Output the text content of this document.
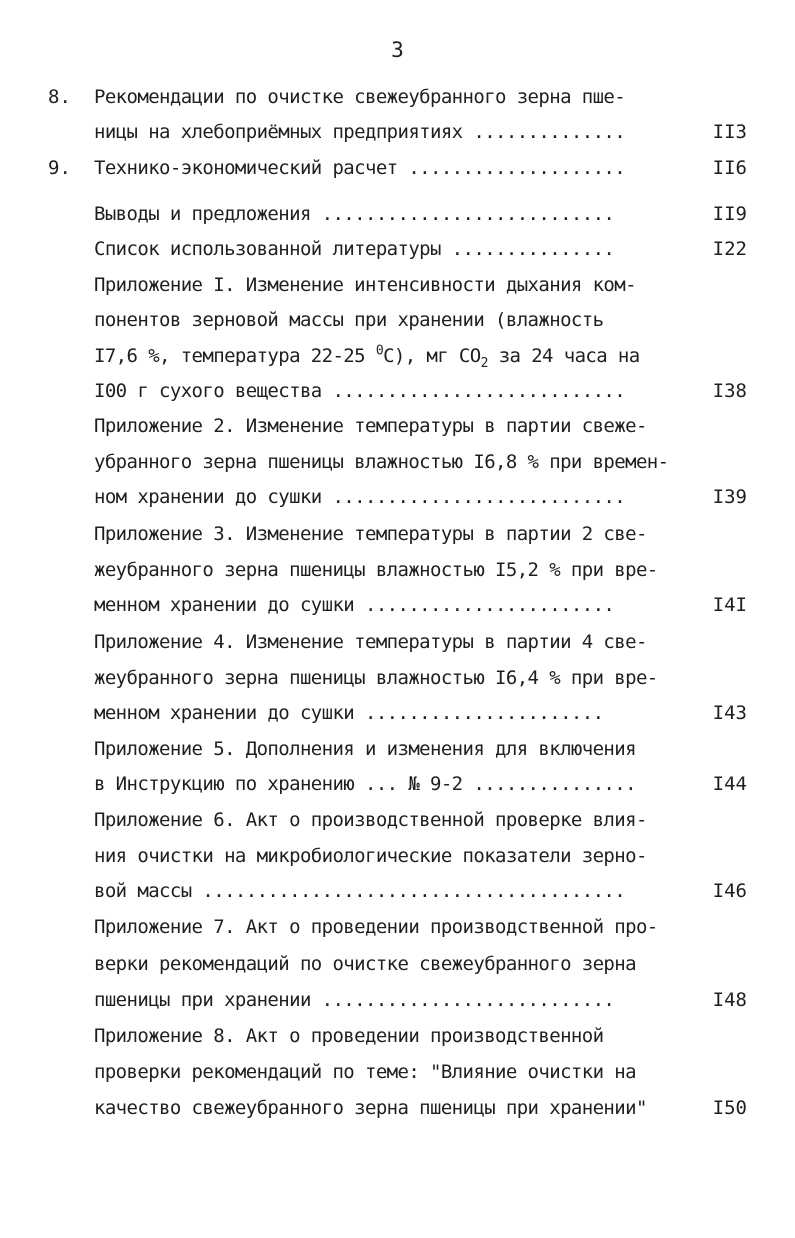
3
8.	Рекомендации по очистке свежеубранного зерна пше-
ницы на хлебоприёмных предприятиях ..............	II3
9.	Технико-экономический расчет ....................	II6
Выводы и предложения ...........................	II9
Список использованной литературы ...............	I22
Приложение I. Изменение интенсивности дыхания ком-
понентов зерновой массы при хранении (влажность
I7,6 %, температура 22-25 $^0$С), мг $СО_2$ за 24 часа на
I00 г сухого вещества ...........................	I38
Приложение 2. Изменение температуры в партии свеже-
убранного зерна пшеницы влажностью I6,8 % при времен-
ном хранении до сушки ...........................	I39
Приложение 3. Изменение температуры в партии 2 све-
жеубранного зерна пшеницы влажностью I5,2 % при вре-
менном хранении до сушки .......................	I4I
Приложение 4. Изменение температуры в партии 4 све-
жеубранного зерна пшеницы влажностью I6,4 % при вре-
менном хранении до сушки ......................	I43
Приложение 5. Дополнения и изменения для включения
в Инструкцию по хранению ... № 9-2 ...............	I44
Приложение 6. Акт о производственной проверке влия-
ния очистки на микробиологические показатели зерно-
вой массы .......................................	I46
Приложение 7. Акт о проведении производственной про-
верки рекомендаций по очистке свежеубранного зерна
пшеницы при хранении ...........................	I48
Приложение 8. Акт о проведении производственной
проверки рекомендаций по теме: "Влияние очистки на
качество свежеубранного зерна пшеницы при хранении"	I50
